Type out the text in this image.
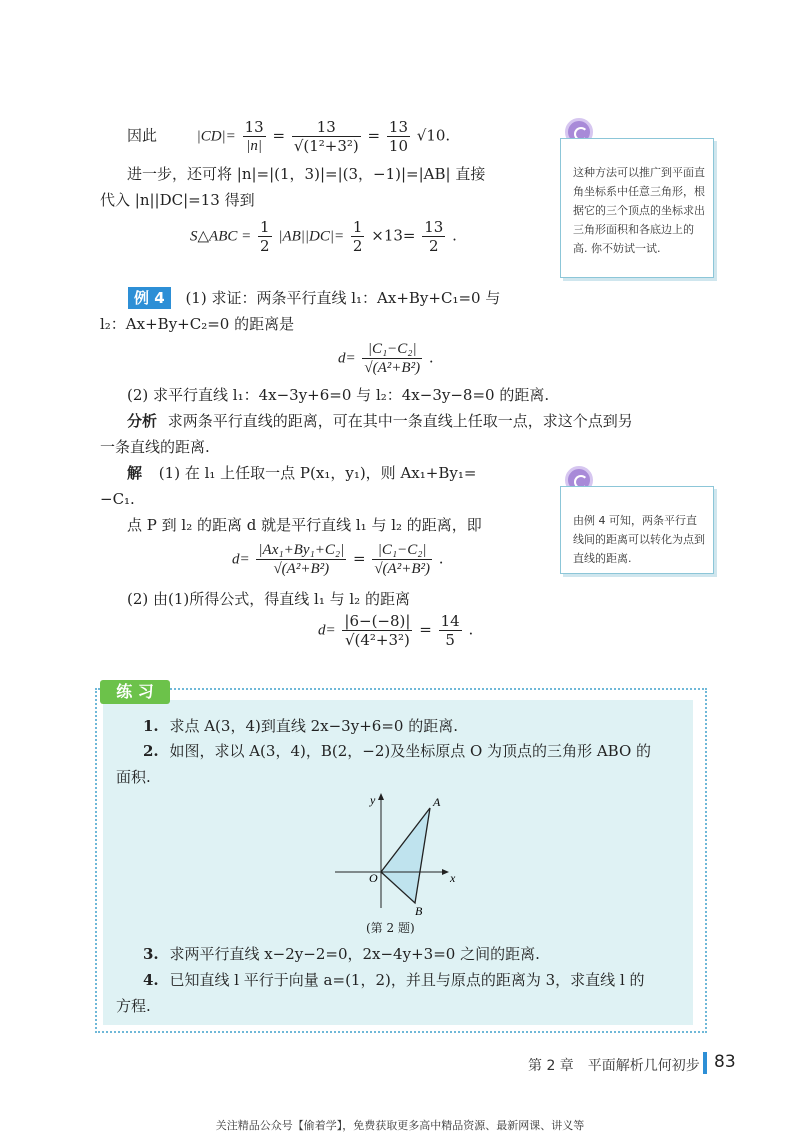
因此	$|CD|= \frac{13}{|n|} = \frac{13}{\text{√(1²+3²)}} = \frac{13}{10} √10$.
进一步，还可将 |n|=|(1，3)|=|(3，−1)|=|AB| 直接
代入 |n||DC|=13 得到
S△ABC = $\frac{1}{2} |AB||DC|= \frac{1}{2} \times 13= \frac{13}{2}$ .
这种方法可以推广到平面直角坐标系中任意三角形，根据它的三个顶点的坐标求出三角形面积和各底边上的高. 你不妨试一试.
例 4 (1) 求证：两条平行直线 l₁：Ax+By+C₁=0 与
l₂：Ax+By+C₂=0 的距离是
$d= \frac{\text{|C₁−C₂|}}{\text{√(A²+B²)}}$ .
(2) 求平行直线 l₁：4x−3y+6=0 与 l₂：4x−3y−8=0 的距离.
分析 求两条平行直线的距离，可在其中一条直线上任取一点，求这个点到另
一条直线的距离.
解 (1) 在 l₁ 上任取一点 P(x₁，y₁)，则 Ax₁+By₁=
−C₁.
点 P 到 l₂ 的距离 d 就是平行直线 l₁ 与 l₂ 的距离，即
$d= \frac{\text{|Ax₁+By₁+C₂|}}{\text{√(A²+B²)}} = \frac{\text{|C₁−C₂|}}{\text{√(A²+B²)}}$ .
(2) 由(1)所得公式，得直线 l₁ 与 l₂ 的距离
$d= \frac{|6-(-8)|}{\text{√(4²+3²)}} = \frac{14}{5}$ .
由例 4 可知，两条平行直线间的距离可以转化为点到直线的距离.
练 习
1. 求点 A(3，4)到直线 2x−3y+6=0 的距离.
2. 如图，求以 A(3，4)，B(2，−2)及坐标原点 O 为顶点的三角形 ABO 的
面积.
y
x
A
B
O
(第 2 题)
3. 求两平行直线 x−2y−2=0，2x−4y+3=0 之间的距离.
4. 已知直线 l 平行于向量 a=(1，2)，并且与原点的距离为 3，求直线 l 的
方程.
第 2 章　平面解析几何初步 83
关注精品公众号【偷着学】，免费获取更多高中精品资源、最新网课、讲义等
